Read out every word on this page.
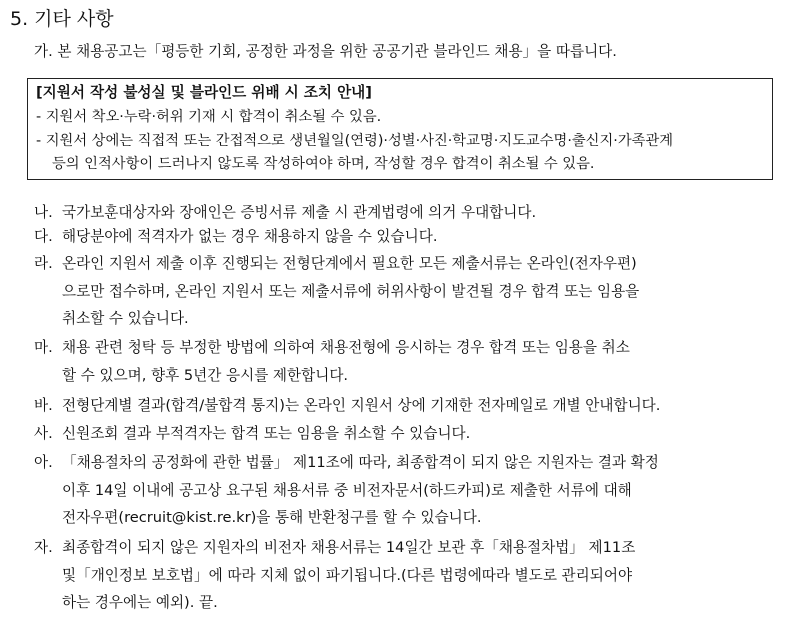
5. 기타 사항
가. 본 채용공고는「평등한 기회, 공정한 과정을 위한 공공기관 블라인드 채용」을 따릅니다.
[지원서 작성 불성실 및 블라인드 위배 시 조치 안내]
- 지원서 착오·누락·허위 기재 시 합격이 취소될 수 있음.
- 지원서 상에는 직접적 또는 간접적으로 생년월일(연령)·성별·사진·학교명·지도교수명·출신지·가족관계
등의 인적사항이 드러나지 않도록 작성하여야 하며, 작성할 경우 합격이 취소될 수 있음.
나. 국가보훈대상자와 장애인은 증빙서류 제출 시 관계법령에 의거 우대합니다.
다. 해당분야에 적격자가 없는 경우 채용하지 않을 수 있습니다.
라. 온라인 지원서 제출 이후 진행되는 전형단계에서 필요한 모든 제출서류는 온라인(전자우편)
으로만 접수하며, 온라인 지원서 또는 제출서류에 허위사항이 발견될 경우 합격 또는 임용을
취소할 수 있습니다.
마. 채용 관련 청탁 등 부정한 방법에 의하여 채용전형에 응시하는 경우 합격 또는 임용을 취소
할 수 있으며, 향후 5년간 응시를 제한합니다.
바. 전형단계별 결과(합격/불합격 통지)는 온라인 지원서 상에 기재한 전자메일로 개별 안내합니다.
사. 신원조회 결과 부적격자는 합격 또는 임용을 취소할 수 있습니다.
아. 「채용절차의 공정화에 관한 법률」 제11조에 따라, 최종합격이 되지 않은 지원자는 결과 확정
이후 14일 이내에 공고상 요구된 채용서류 중 비전자문서(하드카피)로 제출한 서류에 대해
전자우편(recruit@kist.re.kr)을 통해 반환청구를 할 수 있습니다.
자. 최종합격이 되지 않은 지원자의 비전자 채용서류는 14일간 보관 후「채용절차법」 제11조
및「개인정보 보호법」에 따라 지체 없이 파기됩니다.(다른 법령에따라 별도로 관리되어야
하는 경우에는 예외). 끝.
